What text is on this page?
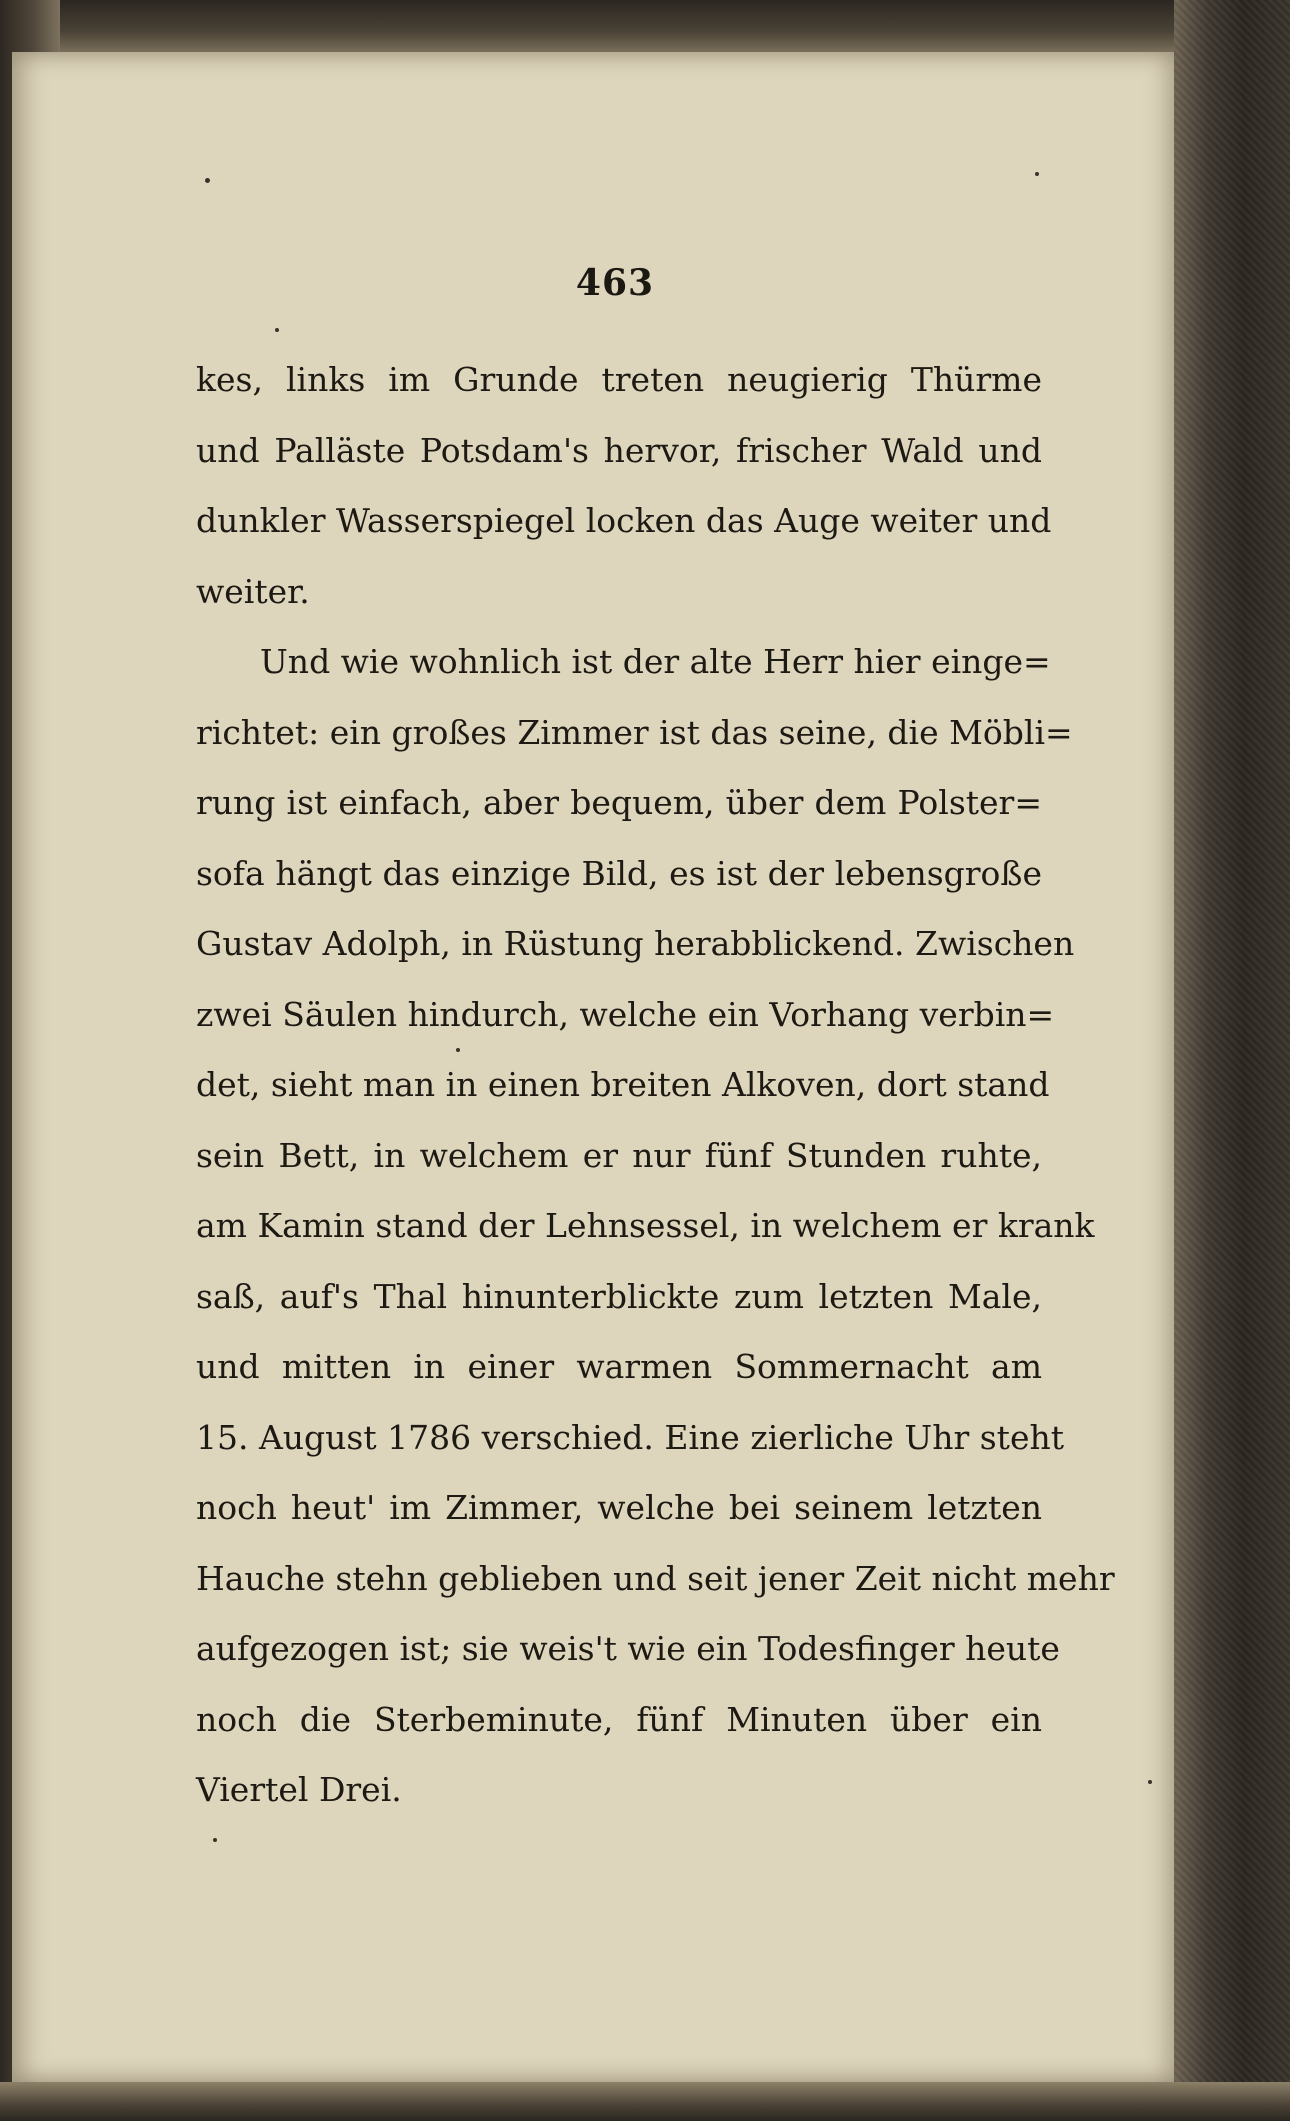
463
kes, links im Grunde treten neugierig Thürme
und Palläste Potsdam's hervor, frischer Wald und
dunkler Wasserspiegel locken das Auge weiter und
weiter.
Und wie wohnlich ist der alte Herr hier einge=
richtet: ein großes Zimmer ist das seine, die Möbli=
rung ist einfach, aber bequem, über dem Polster=
sofa hängt das einzige Bild, es ist der lebensgroße
Gustav Adolph, in Rüstung herabblickend. Zwischen
zwei Säulen hindurch, welche ein Vorhang verbin=
det, sieht man in einen breiten Alkoven, dort stand
sein Bett, in welchem er nur fünf Stunden ruhte,
am Kamin stand der Lehnsessel, in welchem er krank
saß, auf's Thal hinunterblickte zum letzten Male,
und mitten in einer warmen Sommernacht am
15. August 1786 verschied. Eine zierliche Uhr steht
noch heut' im Zimmer, welche bei seinem letzten
Hauche stehn geblieben und seit jener Zeit nicht mehr
aufgezogen ist; sie weis't wie ein Todesfinger heute
noch die Sterbeminute, fünf Minuten über ein
Viertel Drei.
